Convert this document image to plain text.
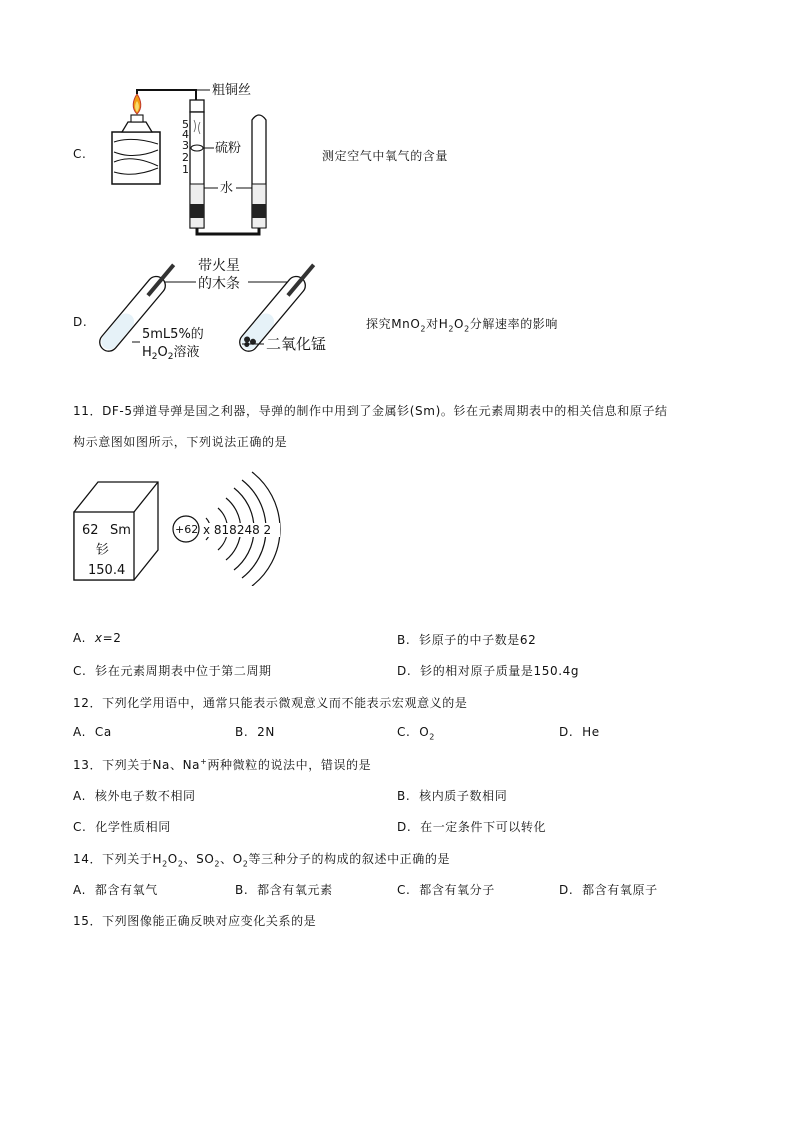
C.
粗铜丝
5
4
3
2
1
硫粉
水
测定空气中氧气的含量
D.
带火星
的木条
5mL5%的
$H_2O_2$溶液	二氧化锰
探究MnO$_2$对$H_2O_2$分解速率的影响
11．DF-5弹道导弹是国之利器，导弹的制作中用到了金属钐(Sm)。钐在元素周期表中的相关信息和原子结
构示意图如图所示，下列说法正确的是
62 Sm
钐
150.4
+62 x 818248 2
A. x=2	B. 钐原子的中子数是62
C. 钐在元素周期表中位于第二周期	D. 钐的相对原子质量是150.4g
12．下列化学用语中，通常只能表示微观意义而不能表示宏观意义的是
A. Ca	B. 2N	C. $O_2$	D. He
13．下列关于Na、Na+两种微粒的说法中，错误的是
A. 核外电子数不相同	B. 核内质子数相同
C. 化学性质相同	D. 在一定条件下可以转化
14．下列关于$H_2O_2$、$SO_2$、$O_2$等三种分子的构成的叙述中正确的是
A. 都含有氧气	B. 都含有氧元素	C. 都含有氧分子	D. 都含有氧原子
15．下列图像能正确反映对应变化关系的是
